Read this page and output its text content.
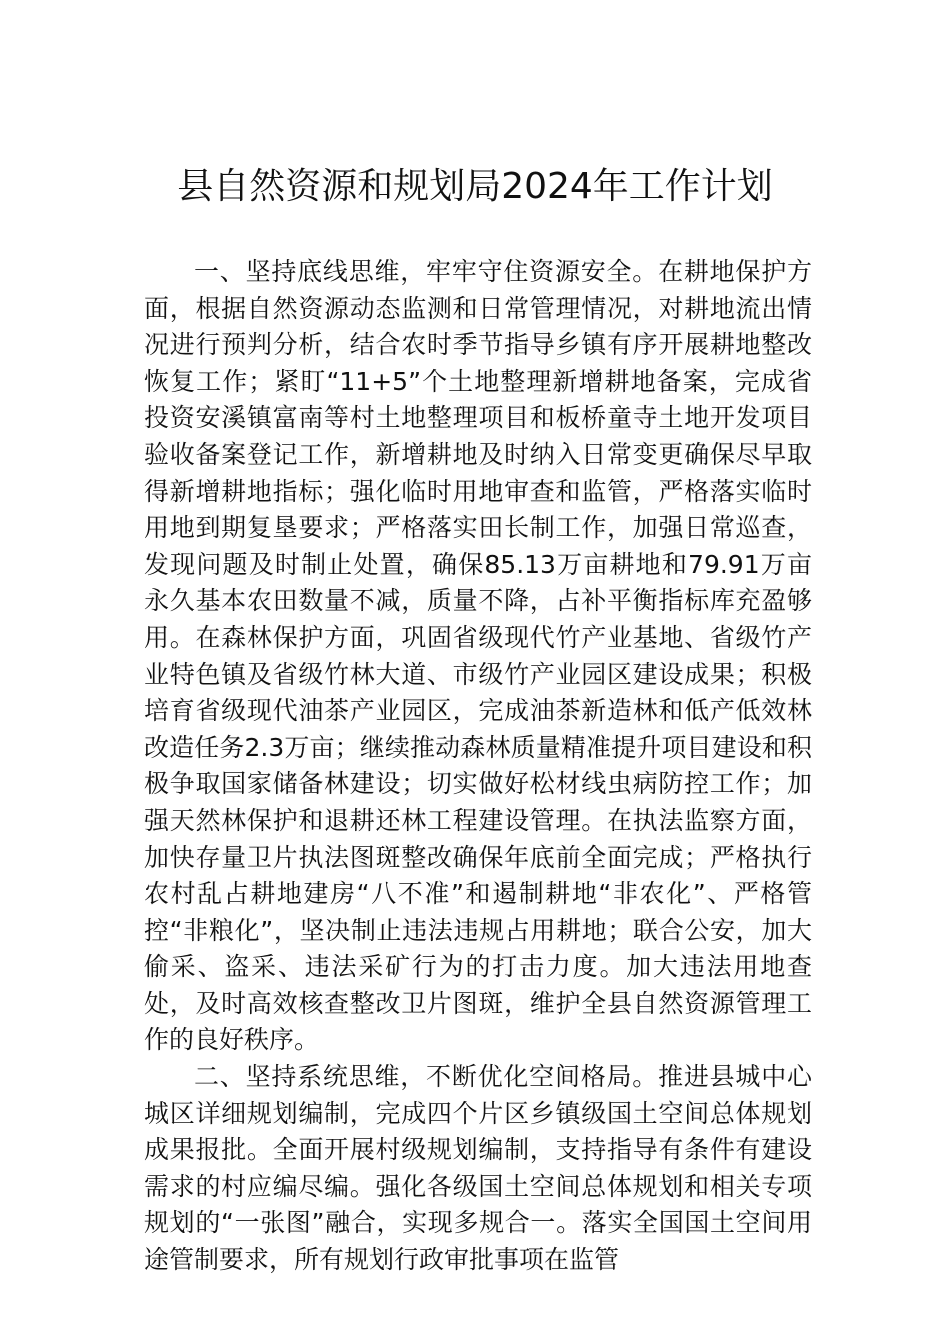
县自然资源和规划局2024年工作计划

一、坚持底线思维，牢牢守住资源安全。在耕地保护方面，根据自然资源动态监测和日常管理情况，对耕地流出情况进行预判分析，结合农时季节指导乡镇有序开展耕地整改恢复工作；紧盯“11+5”个土地整理新增耕地备案，完成省投资安溪镇富南等村土地整理项目和板桥童寺土地开发项目验收备案登记工作，新增耕地及时纳入日常变更确保尽早取得新增耕地指标；强化临时用地审查和监管，严格落实临时用地到期复垦要求；严格落实田长制工作，加强日常巡查，发现问题及时制止处置，确保85.13万亩耕地和79.91万亩永久基本农田数量不减，质量不降，占补平衡指标库充盈够用。在森林保护方面，巩固省级现代竹产业基地、省级竹产业特色镇及省级竹林大道、市级竹产业园区建设成果；积极培育省级现代油茶产业园区，完成油茶新造林和低产低效林改造任务2.3万亩；继续推动森林质量精准提升项目建设和积极争取国家储备林建设；切实做好松材线虫病防控工作；加强天然林保护和退耕还林工程建设管理。在执法监察方面，加快存量卫片执法图斑整改确保年底前全面完成；严格执行农村乱占耕地建房“八不准”和遏制耕地“非农化”、严格管控“非粮化”，坚决制止违法违规占用耕地；联合公安，加大偷采、盗采、违法采矿行为的打击力度。加大违法用地查处，及时高效核查整改卫片图斑，维护全县自然资源管理工作的良好秩序。

二、坚持系统思维，不断优化空间格局。推进县城中心城区详细规划编制，完成四个片区乡镇级国土空间总体规划成果报批。全面开展村级规划编制，支持指导有条件有建设需求的村应编尽编。强化各级国土空间总体规划和相关专项规划的“一张图”融合，实现多规合一。落实全国国土空间用途管制要求，所有规划行政审批事项在监管
